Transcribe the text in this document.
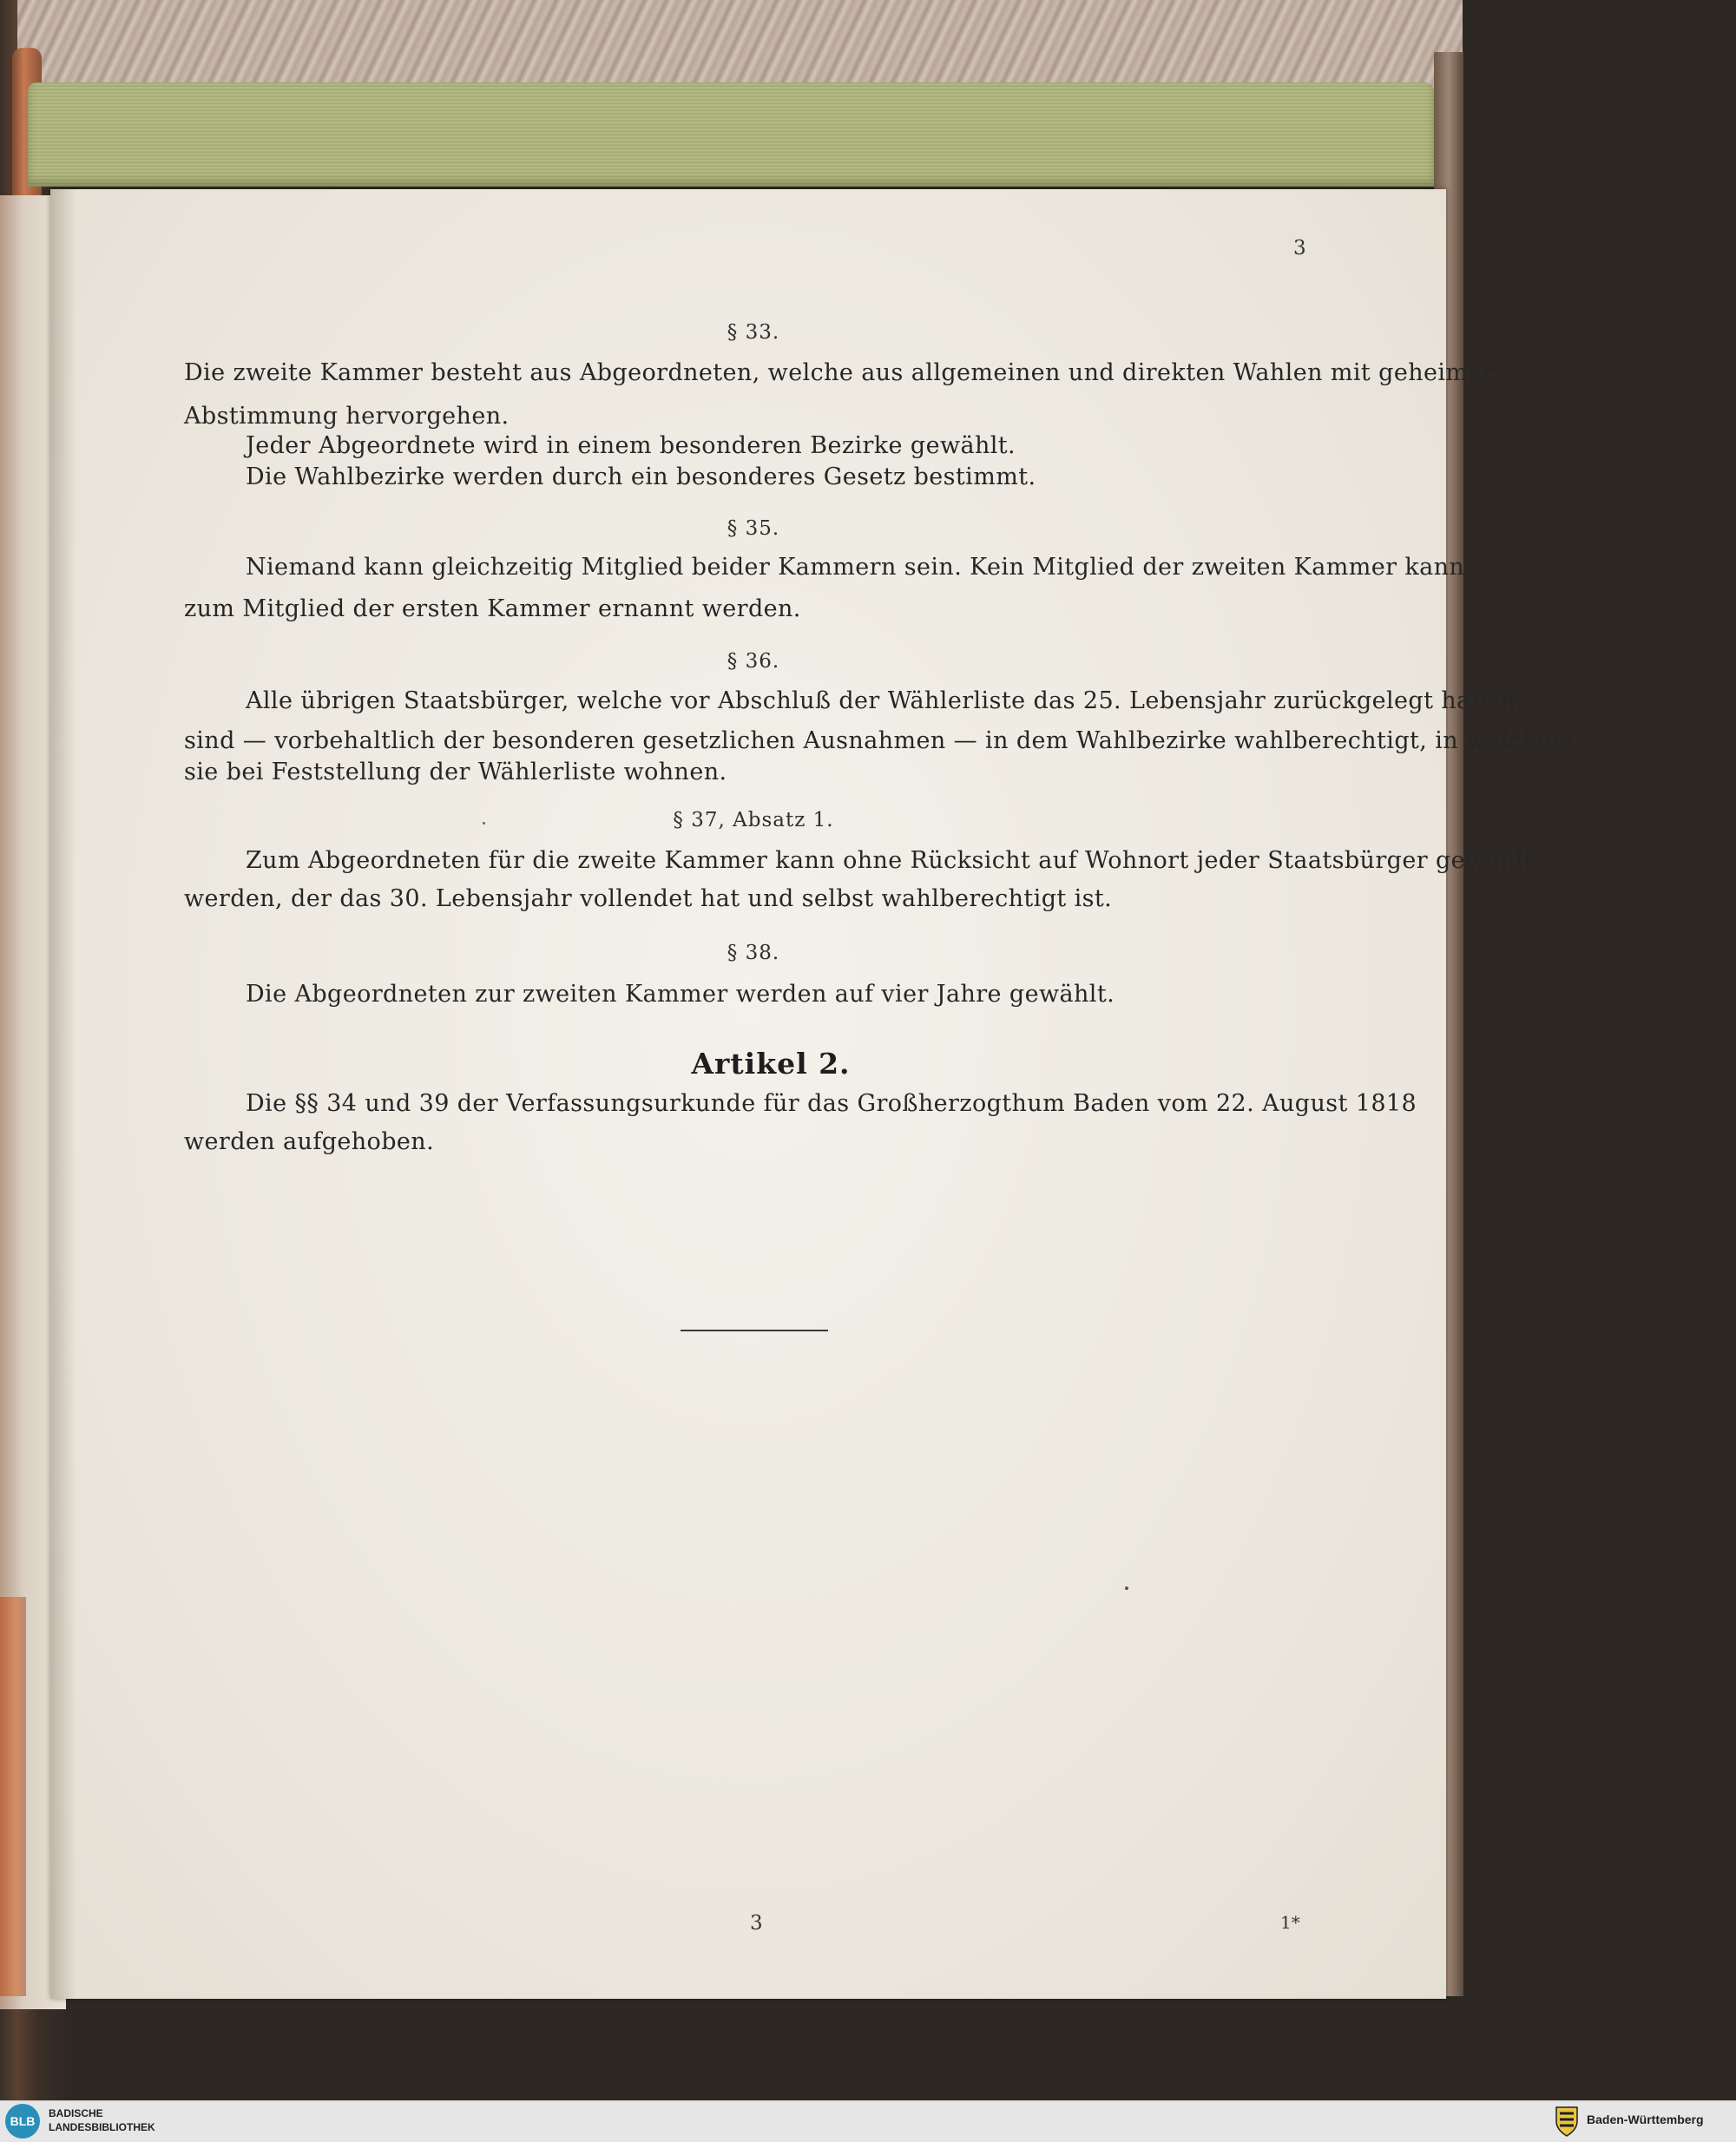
3
§ 33.
Die zweite Kammer besteht aus Abgeordneten, welche aus allgemeinen und direkten Wahlen mit geheimer
Abstimmung hervorgehen.
Jeder Abgeordnete wird in einem besonderen Bezirke gewählt.
Die Wahlbezirke werden durch ein besonderes Gesetz bestimmt.
§ 35.
Niemand kann gleichzeitig Mitglied beider Kammern sein. Kein Mitglied der zweiten Kammer kann
zum Mitglied der ersten Kammer ernannt werden.
§ 36.
Alle übrigen Staatsbürger, welche vor Abschluß der Wählerliste das 25. Lebensjahr zurückgelegt haben,
sind — vorbehaltlich der besonderen gesetzlichen Ausnahmen — in dem Wahlbezirke wahlberechtigt, in welchem
sie bei Feststellung der Wählerliste wohnen.
§ 37, Absatz 1.
Zum Abgeordneten für die zweite Kammer kann ohne Rücksicht auf Wohnort jeder Staatsbürger gewählt
werden, der das 30. Lebensjahr vollendet hat und selbst wahlberechtigt ist.
§ 38.
Die Abgeordneten zur zweiten Kammer werden auf vier Jahre gewählt.
Artikel 2.
Die §§ 34 und 39 der Verfassungsurkunde für das Großherzogthum Baden vom 22. August 1818
werden aufgehoben.
3	1*
BLB
BADISCHE
LANDESBIBLIOTHEK
Baden-Württemberg
